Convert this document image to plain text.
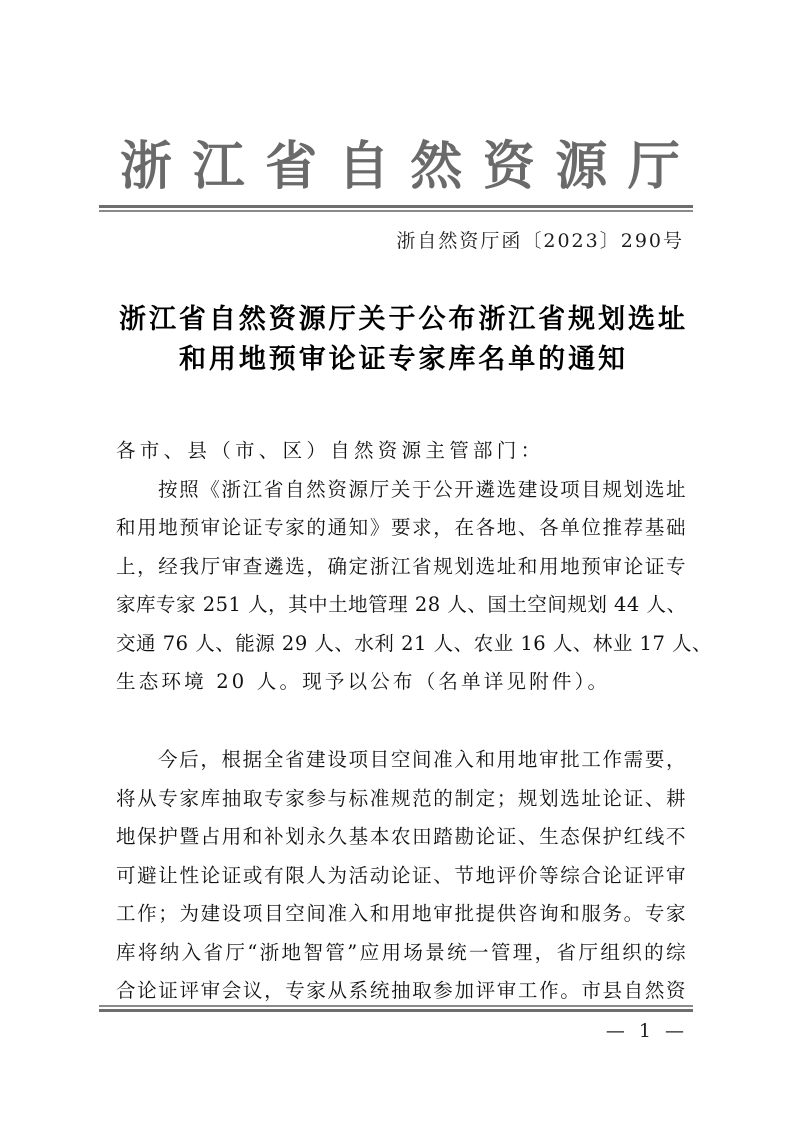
浙 江 省 自 然 资 源 厅
浙自然资厅函〔2023〕290号
浙江省自然资源厅关于公布浙江省规划选址
和用地预审论证专家库名单的通知
各市、县（市、区）自然资源主管部门：
按照《浙江省自然资源厅关于公开遴选建设项目规划选址
和用地预审论证专家的通知》要求，在各地、各单位推荐基础
上，经我厅审查遴选，确定浙江省规划选址和用地预审论证专
家库专家 251 人，其中土地管理 28 人、国土空间规划 44 人、
交通 76 人、能源 29 人、水利 21 人、农业 16 人、林业 17 人、
生态环境 20 人。现予以公布（名单详见附件）。
今后，根据全省建设项目空间准入和用地审批工作需要，
将从专家库抽取专家参与标准规范的制定；规划选址论证、耕
地保护暨占用和补划永久基本农田踏勘论证、生态保护红线不
可避让性论证或有限人为活动论证、节地评价等综合论证评审
工作；为建设项目空间准入和用地审批提供咨询和服务。专家
库将纳入省厅“浙地智管”应用场景统一管理，省厅组织的综
合论证评审会议，专家从系统抽取参加评审工作。市县自然资
— 1 —
